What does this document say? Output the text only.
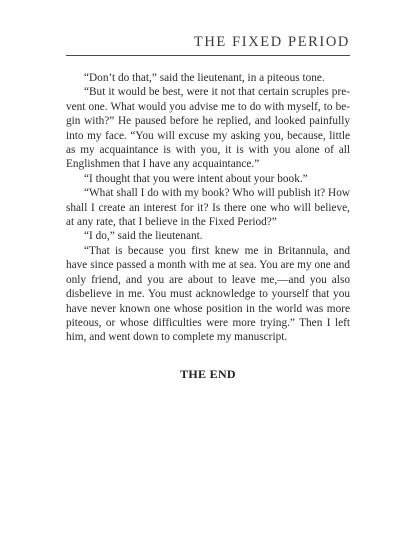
THE FIXED PERIOD

“Don’t do that,” said the lieutenant, in a piteous tone.

“But it would be best, were it not that certain scruples prevent one. What would you advise me to do with myself, to begin with?” He paused before he replied, and looked painfully into my face. “You will excuse my asking you, because, little as my acquaintance is with you, it is with you alone of all Englishmen that I have any acquaintance.”

“I thought that you were intent about your book.”

“What shall I do with my book? Who will publish it? How shall I create an interest for it? Is there one who will believe, at any rate, that I believe in the Fixed Period?”

“I do,” said the lieutenant.

“That is because you first knew me in Britannula, and have since passed a month with me at sea. You are my one and only friend, and you are about to leave me,—and you also disbelieve in me. You must acknowledge to yourself that you have never known one whose position in the world was more piteous, or whose difficulties were more trying.” Then I left him, and went down to complete my manuscript.

THE END
